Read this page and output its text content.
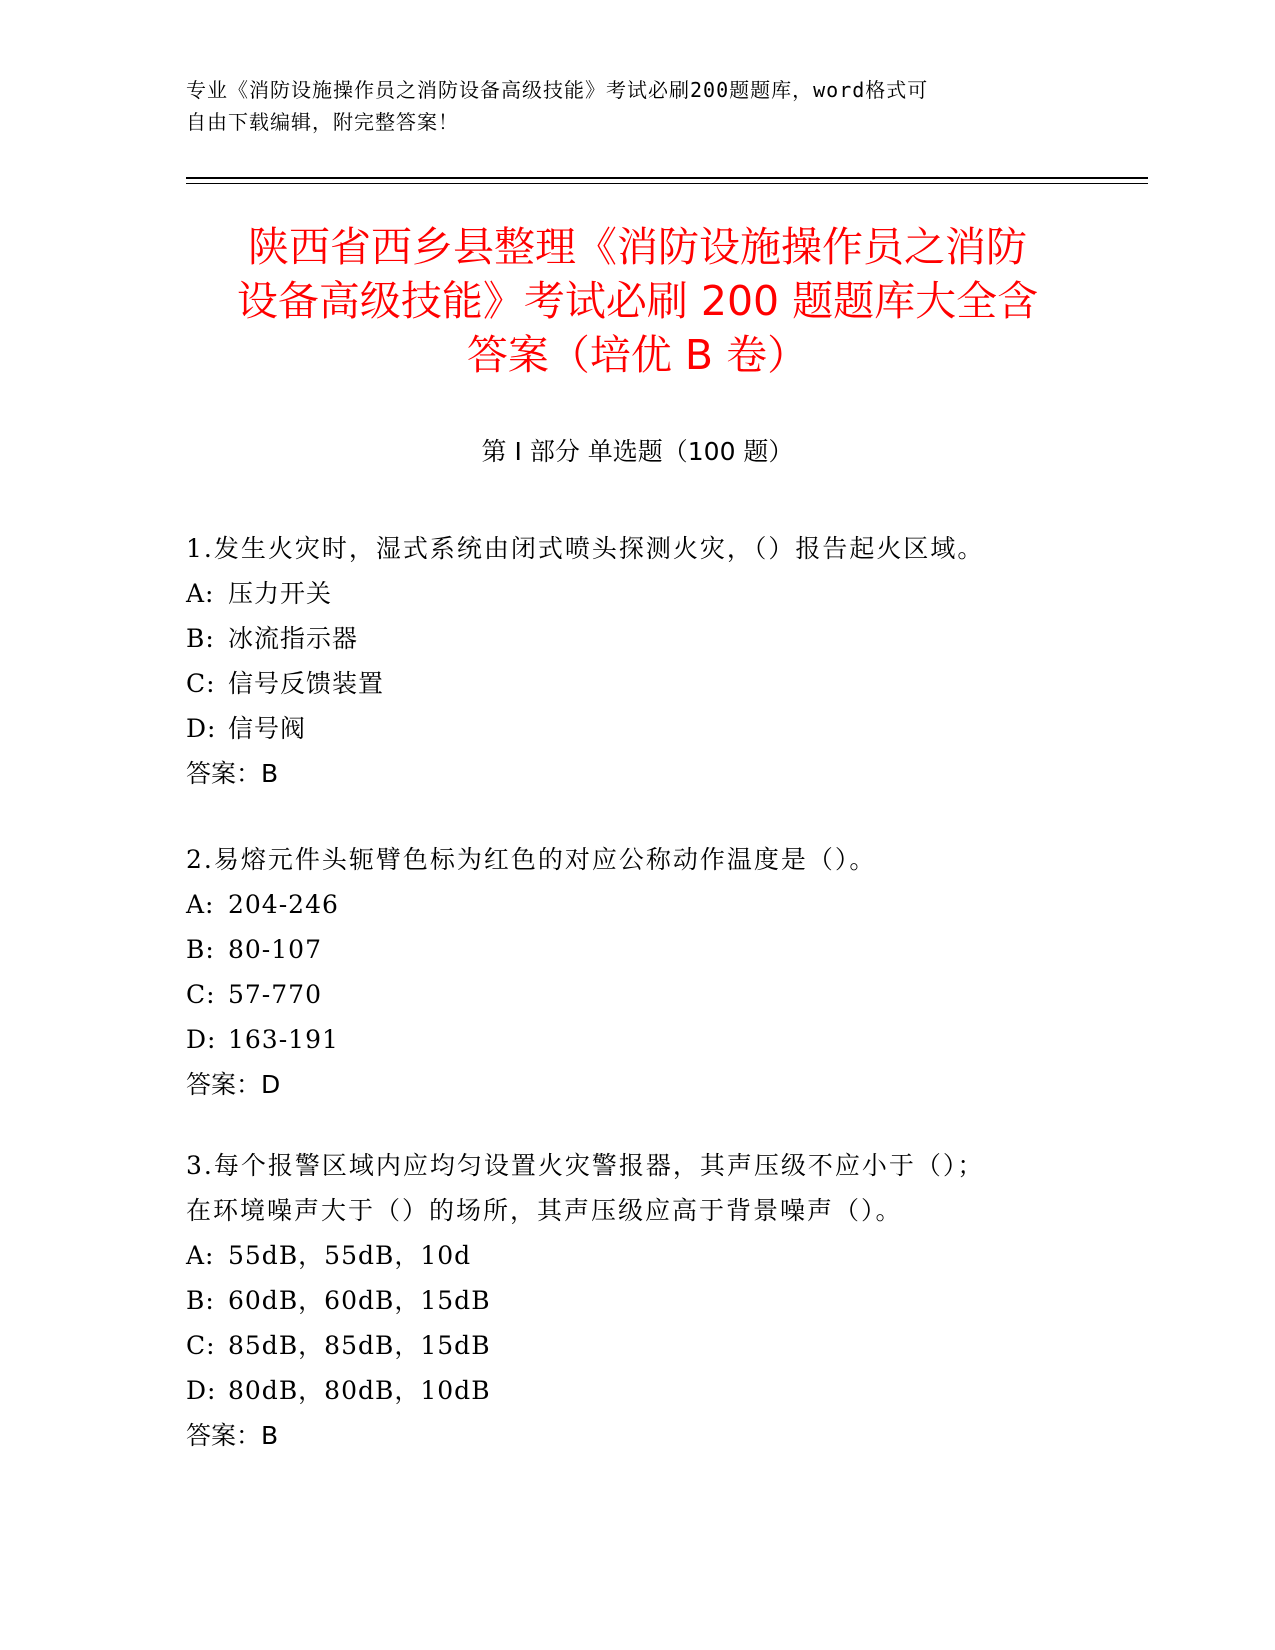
专业《消防设施操作员之消防设备高级技能》考试必刷200题题库，word格式可
自由下载编辑，附完整答案！
陕西省西乡县整理《消防设施操作员之消防
设备高级技能》考试必刷 200 题题库大全含
答案（培优 B 卷）
第 I 部分 单选题（100 题）
1.发生火灾时，湿式系统由闭式喷头探测火灾，（）报告起火区域。
A: 压力开关
B: 冰流指示器
C: 信号反馈装置
D: 信号阀
答案：B
2.易熔元件头轭臂色标为红色的对应公称动作温度是（）。
A: 204-246
B: 80-107
C: 57-770
D: 163-191
答案：D
3.每个报警区域内应均匀设置火灾警报器，其声压级不应小于（）；
在环境噪声大于（）的场所，其声压级应高于背景噪声（）。
A: 55dB，55dB，10d
B: 60dB，60dB，15dB
C: 85dB，85dB，15dB
D: 80dB，80dB，10dB
答案：B
